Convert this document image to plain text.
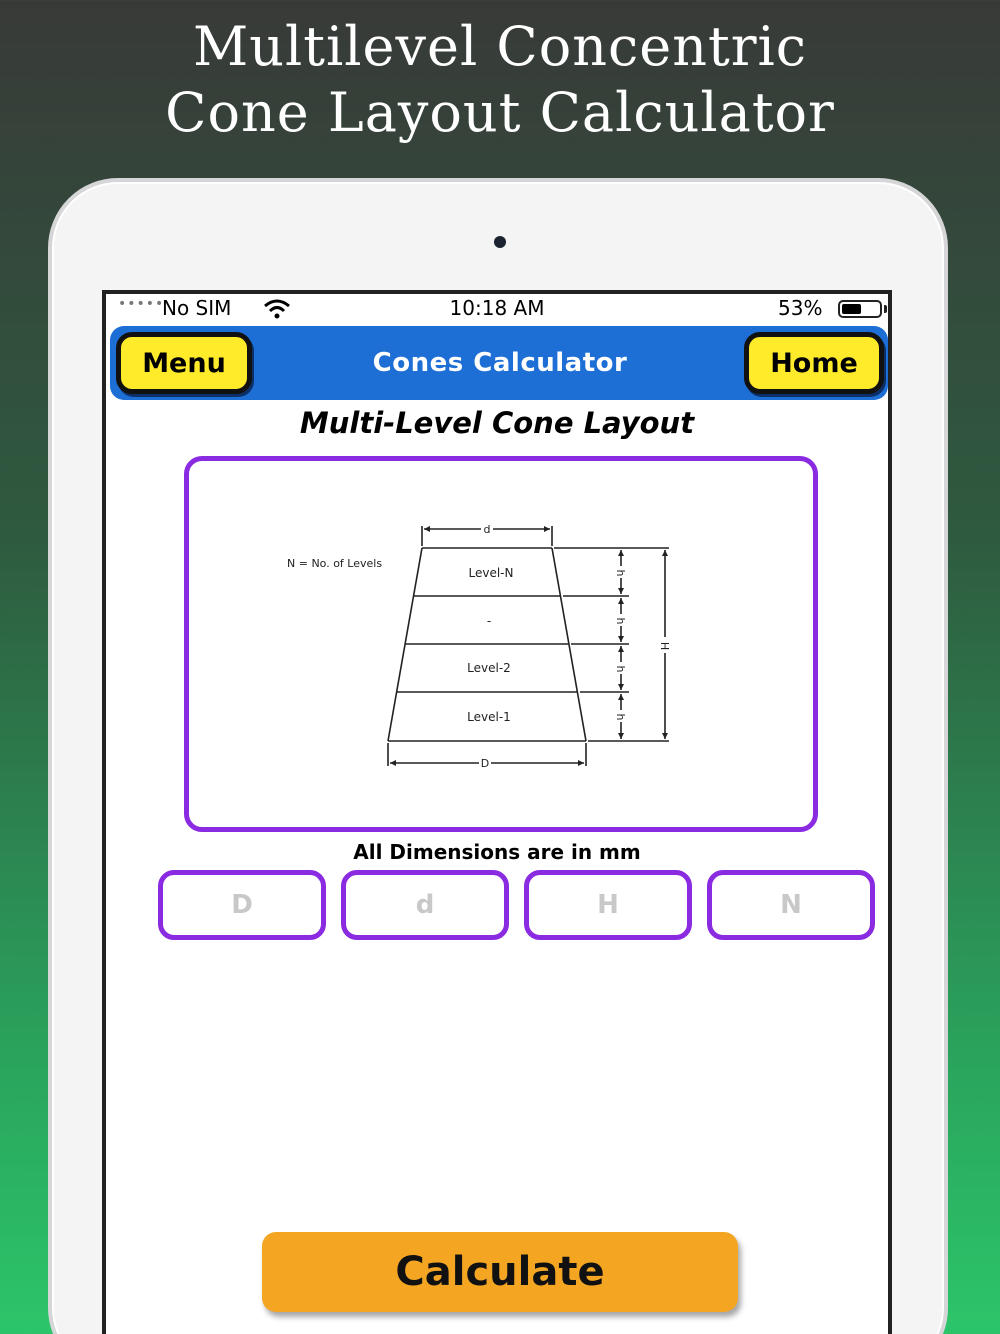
Multilevel Concentric
Cone Layout Calculator
•••••
No SIM	10:18 AM	53%
Menu	Cones Calculator	Home
Multi-Level Cone Layout
N = No. of Levels
d
D
H
h
h
h
h
Level-N
-
Level-2
Level-1
All Dimensions are in mm
D
d
H
N
Calculate
